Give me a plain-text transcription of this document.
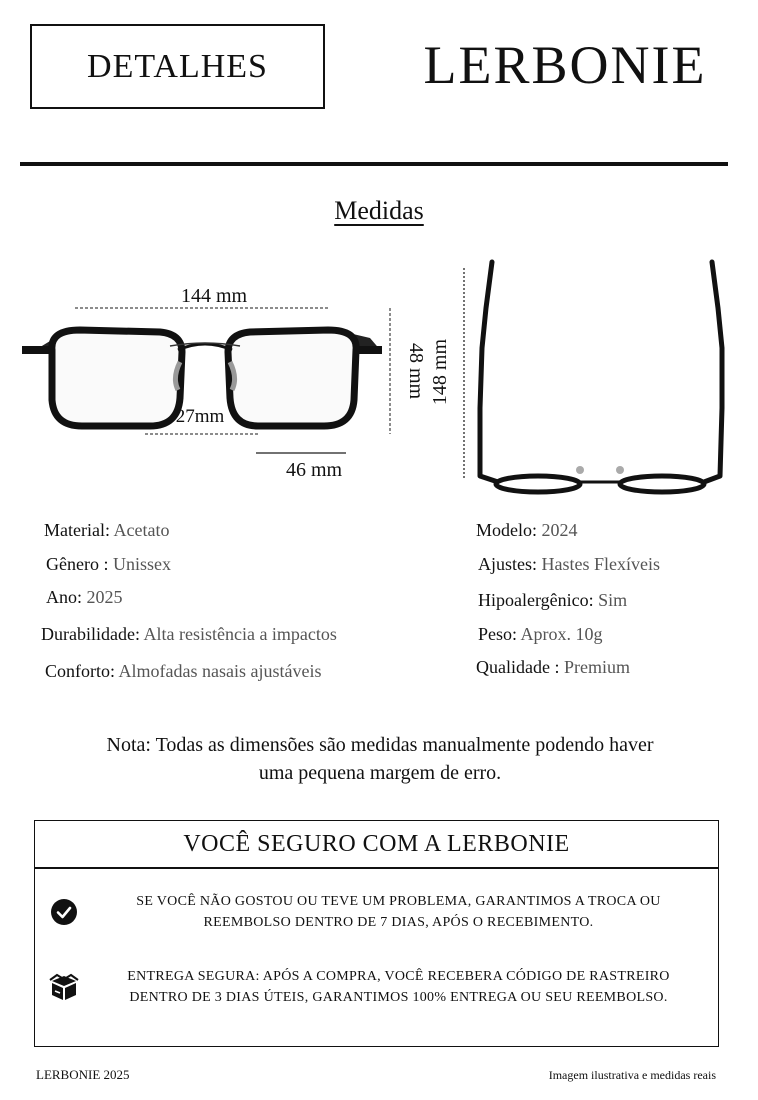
DETALHES	LERBONIE
Medidas
144 mm
27mm
46 mm
48 mm 148 mm
Material: Acetato
Gênero : Unissex
Ano: 2025
Durabilidade: Alta resistência a impactos
Conforto: Almofadas nasais ajustáveis
Modelo: 2024
Ajustes: Hastes Flexíveis
Hipoalergênico: Sim
Peso: Aprox. 10g
Qualidade : Premium
Nota: Todas as dimensões são medidas manualmente podendo haver
uma pequena margem de erro.
VOCÊ SEGURO COM A LERBONIE
SE VOCÊ NÃO GOSTOU OU TEVE UM PROBLEMA, GARANTIMOS A TROCA OU
REEMBOLSO DENTRO DE 7 DIAS, APÓS O RECEBIMENTO.
ENTREGA SEGURA: APÓS A COMPRA, VOCÊ RECEBERA CÓDIGO DE RASTREIRO
DENTRO DE 3 DIAS ÚTEIS, GARANTIMOS 100% ENTREGA OU SEU REEMBOLSO.
LERBONIE 2025	Imagem ilustrativa e medidas reais
